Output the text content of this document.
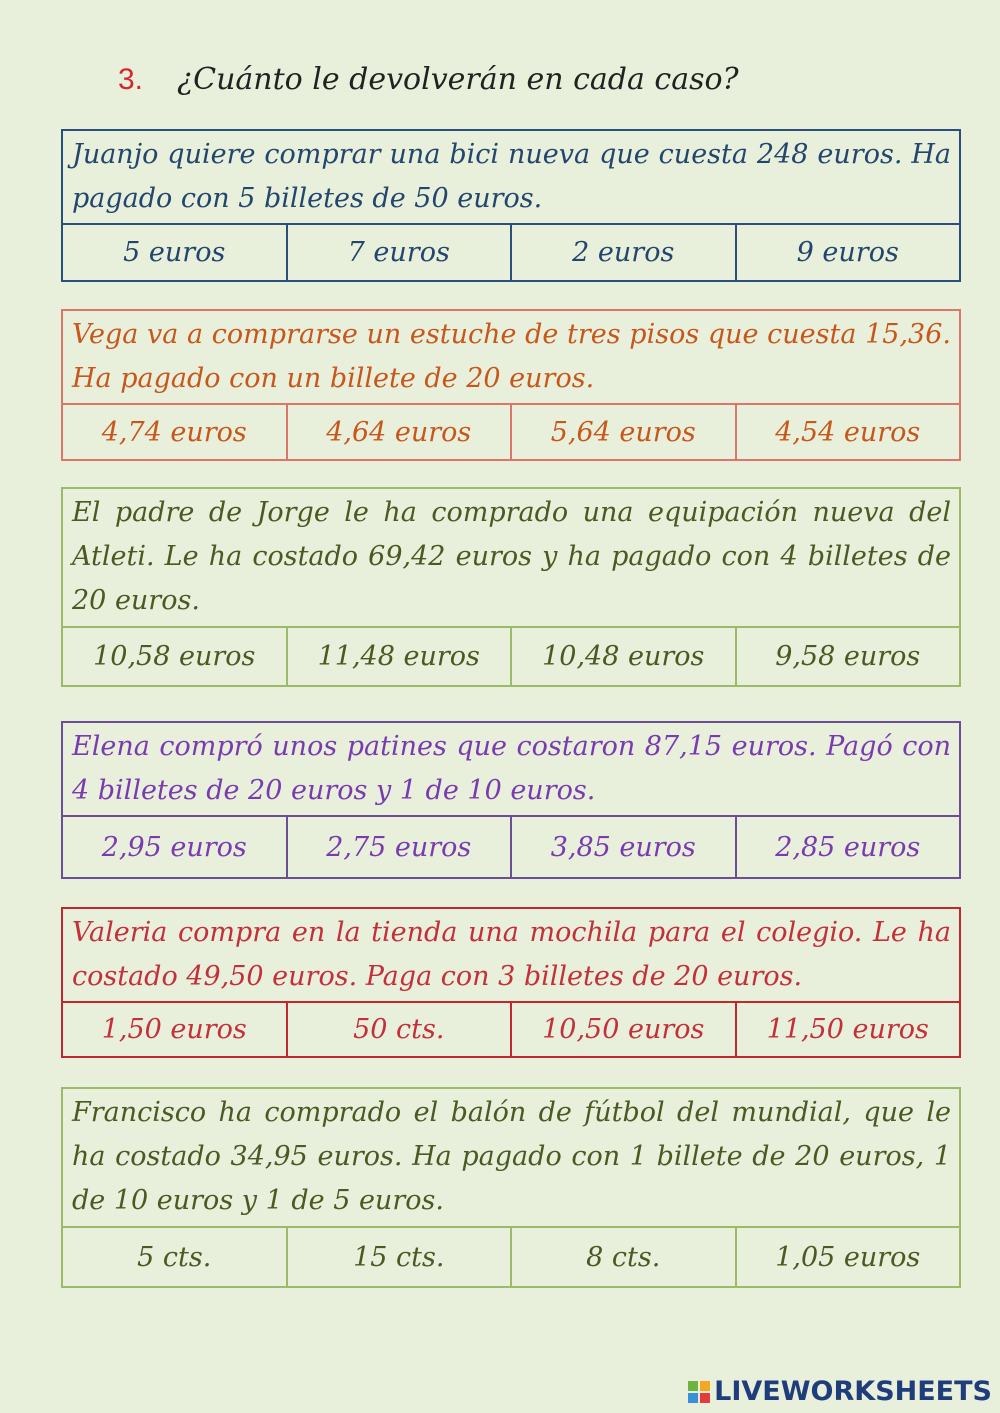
3. ¿Cuánto le devolverán en cada caso?
Juanjo quiere comprar una bici nueva que cuesta 248 euros. Ha pagado con 5 billetes de 50 euros.
5 euros	7 euros	2 euros	9 euros
Vega va a comprarse un estuche de tres pisos que cuesta 15,36. Ha pagado con un billete de 20 euros.
4,74 euros	4,64 euros	5,64 euros	4,54 euros
El padre de Jorge le ha comprado una equipación nueva del Atleti. Le ha costado 69,42 euros y ha pagado con 4 billetes de 20 euros.
10,58 euros	11,48 euros	10,48 euros	9,58 euros
Elena compró unos patines que costaron 87,15 euros. Pagó con 4 billetes de 20 euros y 1 de 10 euros.
2,95 euros	2,75 euros	3,85 euros	2,85 euros
Valeria compra en la tienda una mochila para el colegio. Le ha costado 49,50 euros. Paga con 3 billetes de 20 euros.
1,50 euros	50 cts.	10,50 euros	11,50 euros
Francisco ha comprado el balón de fútbol del mundial, que le ha costado 34,95 euros. Ha pagado con 1 billete de 20 euros, 1 de 10 euros y 1 de 5 euros.
5 cts.	15 cts.	8 cts.	1,05 euros
LIVEWORKSHEETS
